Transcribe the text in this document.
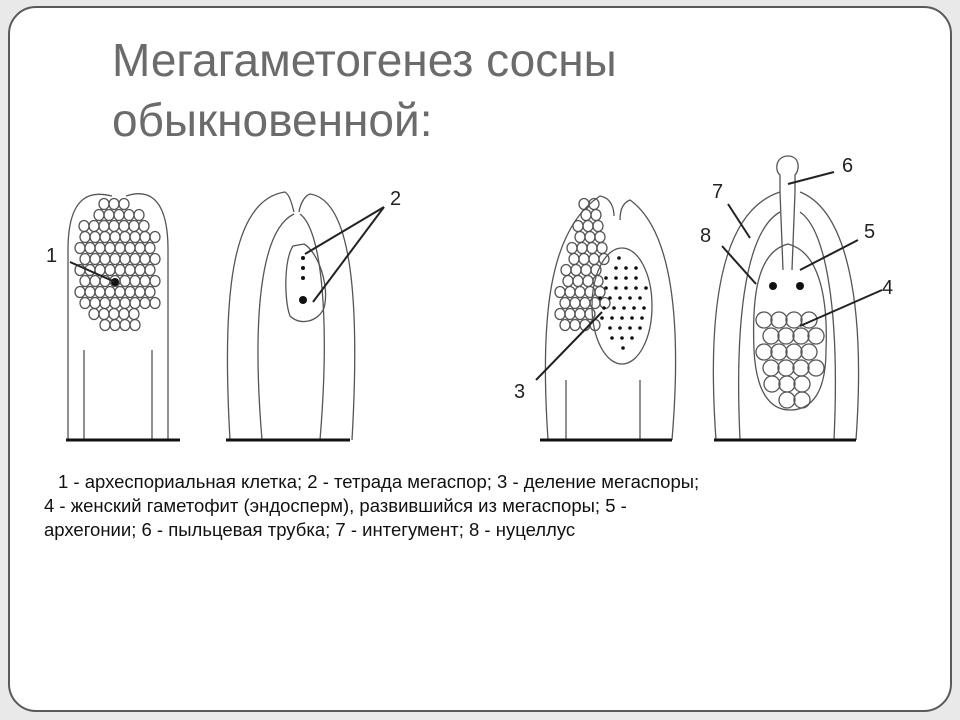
Мегагаметогенез сосны
обыкновенной:
1
2
3
4
5
6
7
8
1 - археспориальная клетка; 2 - тетрада мегаспор; 3 - деление мегаспоры;
4 - женский гаметофит (эндосперм), развившийся из мегаспоры; 5 -
архегонии; 6 - пыльцевая трубка; 7 - интегумент; 8 - нуцеллус
